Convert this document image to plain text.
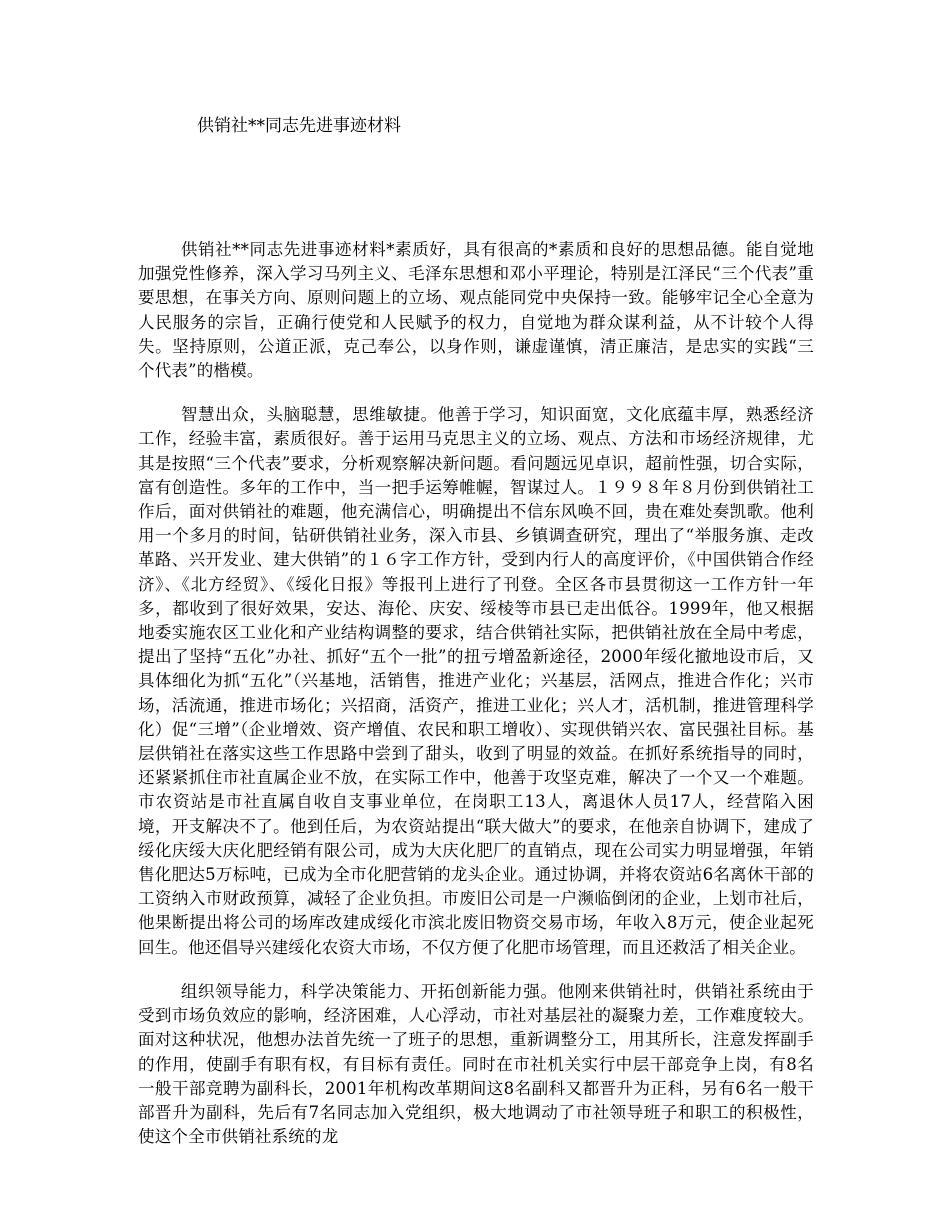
供销社**同志先进事迹材料

供销社**同志先进事迹材料*素质好，具有很高的*素质和良好的思想品德。能自觉地加强党性修养，深入学习马列主义、毛泽东思想和邓小平理论，特别是江泽民“三个代表”重要思想，在事关方向、原则问题上的立场、观点能同党中央保持一致。能够牢记全心全意为人民服务的宗旨，正确行使党和人民赋予的权力，自觉地为群众谋利益，从不计较个人得失。坚持原则，公道正派，克己奉公，以身作则，谦虚谨慎，清正廉洁，是忠实的实践“三个代表”的楷模。

智慧出众，头脑聪慧，思维敏捷。他善于学习，知识面宽，文化底蕴丰厚，熟悉经济工作，经验丰富，素质很好。善于运用马克思主义的立场、观点、方法和市场经济规律，尤其是按照“三个代表”要求，分析观察解决新问题。看问题远见卓识，超前性强，切合实际，富有创造性。多年的工作中，当一把手运筹帷幄，智谋过人。１９９８年８月份到供销社工作后，面对供销社的难题，他充满信心，明确提出不信东风唤不回，贵在难处奏凯歌。他利用一个多月的时间，钻研供销社业务，深入市县、乡镇调查研究，理出了“举服务旗、走改革路、兴开发业、建大供销”的１６字工作方针，受到内行人的高度评价，《中国供销合作经济》、《北方经贸》、《绥化日报》等报刊上进行了刊登。全区各市县贯彻这一工作方针一年多，都收到了很好效果，安达、海伦、庆安、绥棱等市县已走出低谷。1999年，他又根据地委实施农区工业化和产业结构调整的要求，结合供销社实际，把供销社放在全局中考虑，提出了坚持“五化”办社、抓好“五个一批”的扭亏增盈新途径，2000年绥化撤地设市后，又具体细化为抓“五化”（兴基地，活销售，推进产业化；兴基层，活网点，推进合作化；兴市场，活流通，推进市场化；兴招商，活资产，推进工业化；兴人才，活机制，推进管理科学化）促“三增”（企业增效、资产增值、农民和职工增收）、实现供销兴农、富民强社目标。基层供销社在落实这些工作思路中尝到了甜头，收到了明显的效益。在抓好系统指导的同时，还紧紧抓住市社直属企业不放，在实际工作中，他善于攻坚克难，解决了一个又一个难题。市农资站是市社直属自收自支事业单位，在岗职工13人，离退休人员17人，经营陷入困境，开支解决不了。他到任后，为农资站提出“联大做大”的要求，在他亲自协调下，建成了绥化庆绥大庆化肥经销有限公司，成为大庆化肥厂的直销点，现在公司实力明显增强，年销售化肥达5万标吨，已成为全市化肥营销的龙头企业。通过协调，并将农资站6名离休干部的工资纳入市财政预算，减轻了企业负担。市废旧公司是一户濒临倒闭的企业，上划市社后，他果断提出将公司的场库改建成绥化市滨北废旧物资交易市场，年收入8万元，使企业起死回生。他还倡导兴建绥化农资大市场，不仅方便了化肥市场管理，而且还救活了相关企业。

组织领导能力，科学决策能力、开拓创新能力强。他刚来供销社时，供销社系统由于受到市场负效应的影响，经济困难，人心浮动，市社对基层社的凝聚力差，工作难度较大。面对这种状况，他想办法首先统一了班子的思想，重新调整分工，用其所长，注意发挥副手的作用，使副手有职有权，有目标有责任。同时在市社机关实行中层干部竞争上岗，有8名一般干部竞聘为副科长，2001年机构改革期间这8名副科又都晋升为正科，另有6名一般干部晋升为副科，先后有7名同志加入党组织，极大地调动了市社领导班子和职工的积极性，使这个全市供销社系统的龙
